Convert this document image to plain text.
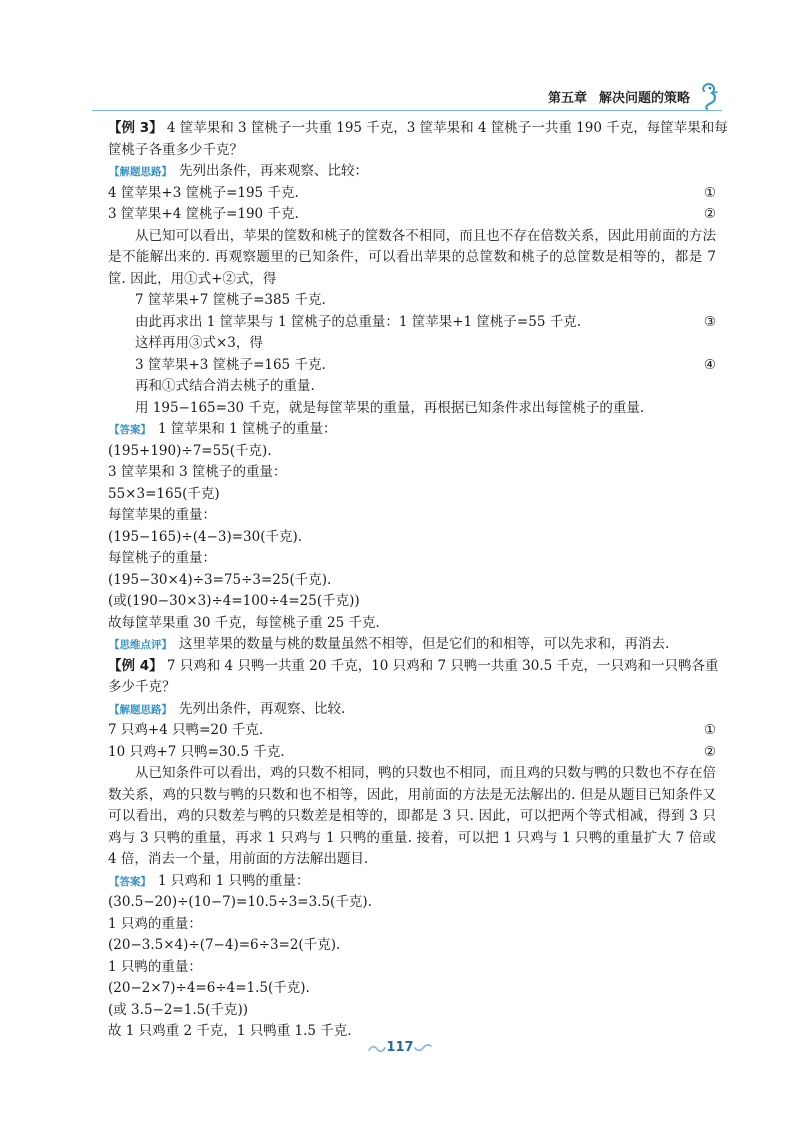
第五章 解决问题的策略
【例 3】 4 筐苹果和 3 筐桃子一共重 195 千克，3 筐苹果和 4 筐桃子一共重 190 千克，每筐苹果和每
筐桃子各重多少千克？
【解题思路】 先列出条件，再来观察、比较：
4 筐苹果+3 筐桃子=195 千克.	①
3 筐苹果+4 筐桃子=190 千克.	②
从已知可以看出，苹果的筐数和桃子的筐数各不相同，而且也不存在倍数关系，因此用前面的方法是不能解出来的. 再观察题里的已知条件，可以看出苹果的总筐数和桃子的总筐数是相等的，都是 7 筐. 因此，用①式+②式，得
7 筐苹果+7 筐桃子=385 千克.
由此再求出 1 筐苹果与 1 筐桃子的总重量：1 筐苹果+1 筐桃子=55 千克.	③
这样再用③式×3，得
3 筐苹果+3 筐桃子=165 千克.	④
再和①式结合消去桃子的重量.
用 195−165=30 千克，就是每筐苹果的重量，再根据已知条件求出每筐桃子的重量.
【答案】 1 筐苹果和 1 筐桃子的重量：
(195+190)÷7=55(千克).
3 筐苹果和 3 筐桃子的重量：
55×3=165(千克)
每筐苹果的重量：
(195−165)÷(4−3)=30(千克).
每筐桃子的重量：
(195−30×4)÷3=75÷3=25(千克).
(或(190−30×3)÷4=100÷4=25(千克))
故每筐苹果重 30 千克，每筐桃子重 25 千克.
【思维点评】 这里苹果的数量与桃的数量虽然不相等，但是它们的和相等，可以先求和，再消去.
【例 4】 7 只鸡和 4 只鸭一共重 20 千克，10 只鸡和 7 只鸭一共重 30.5 千克，一只鸡和一只鸭各重
多少千克？
【解题思路】 先列出条件，再观察、比较.
7 只鸡+4 只鸭=20 千克.	①
10 只鸡+7 只鸭=30.5 千克.	②
从已知条件可以看出，鸡的只数不相同，鸭的只数也不相同，而且鸡的只数与鸭的只数也不存在倍数关系，鸡的只数与鸭的只数和也不相等，因此，用前面的方法是无法解出的. 但是从题目已知条件又可以看出，鸡的只数差与鸭的只数差是相等的，即都是 3 只. 因此，可以把两个等式相减，得到 3 只鸡与 3 只鸭的重量，再求 1 只鸡与 1 只鸭的重量. 接着，可以把 1 只鸡与 1 只鸭的重量扩大 7 倍或 4 倍，消去一个量，用前面的方法解出题目.
【答案】 1 只鸡和 1 只鸭的重量：
(30.5−20)÷(10−7)=10.5÷3=3.5(千克).
1 只鸡的重量：
(20−3.5×4)÷(7−4)=6÷3=2(千克).
1 只鸭的重量：
(20−2×7)÷4=6÷4=1.5(千克).
(或 3.5−2=1.5(千克))
故 1 只鸡重 2 千克，1 只鸭重 1.5 千克.
117
